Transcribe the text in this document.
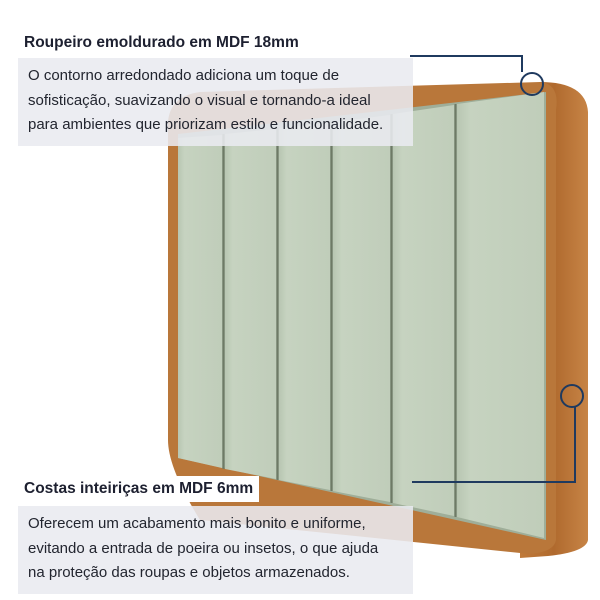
Roupeiro emoldurado em MDF 18mm
O contorno arredondado adiciona um toque de
sofisticação, suavizando o visual e tornando-a ideal
para ambientes que priorizam estilo e funcionalidade.
Costas inteiriças em MDF 6mm
Oferecem um acabamento mais bonito e uniforme,
evitando a entrada de poeira ou insetos, o que ajuda
na proteção das roupas e objetos armazenados.
